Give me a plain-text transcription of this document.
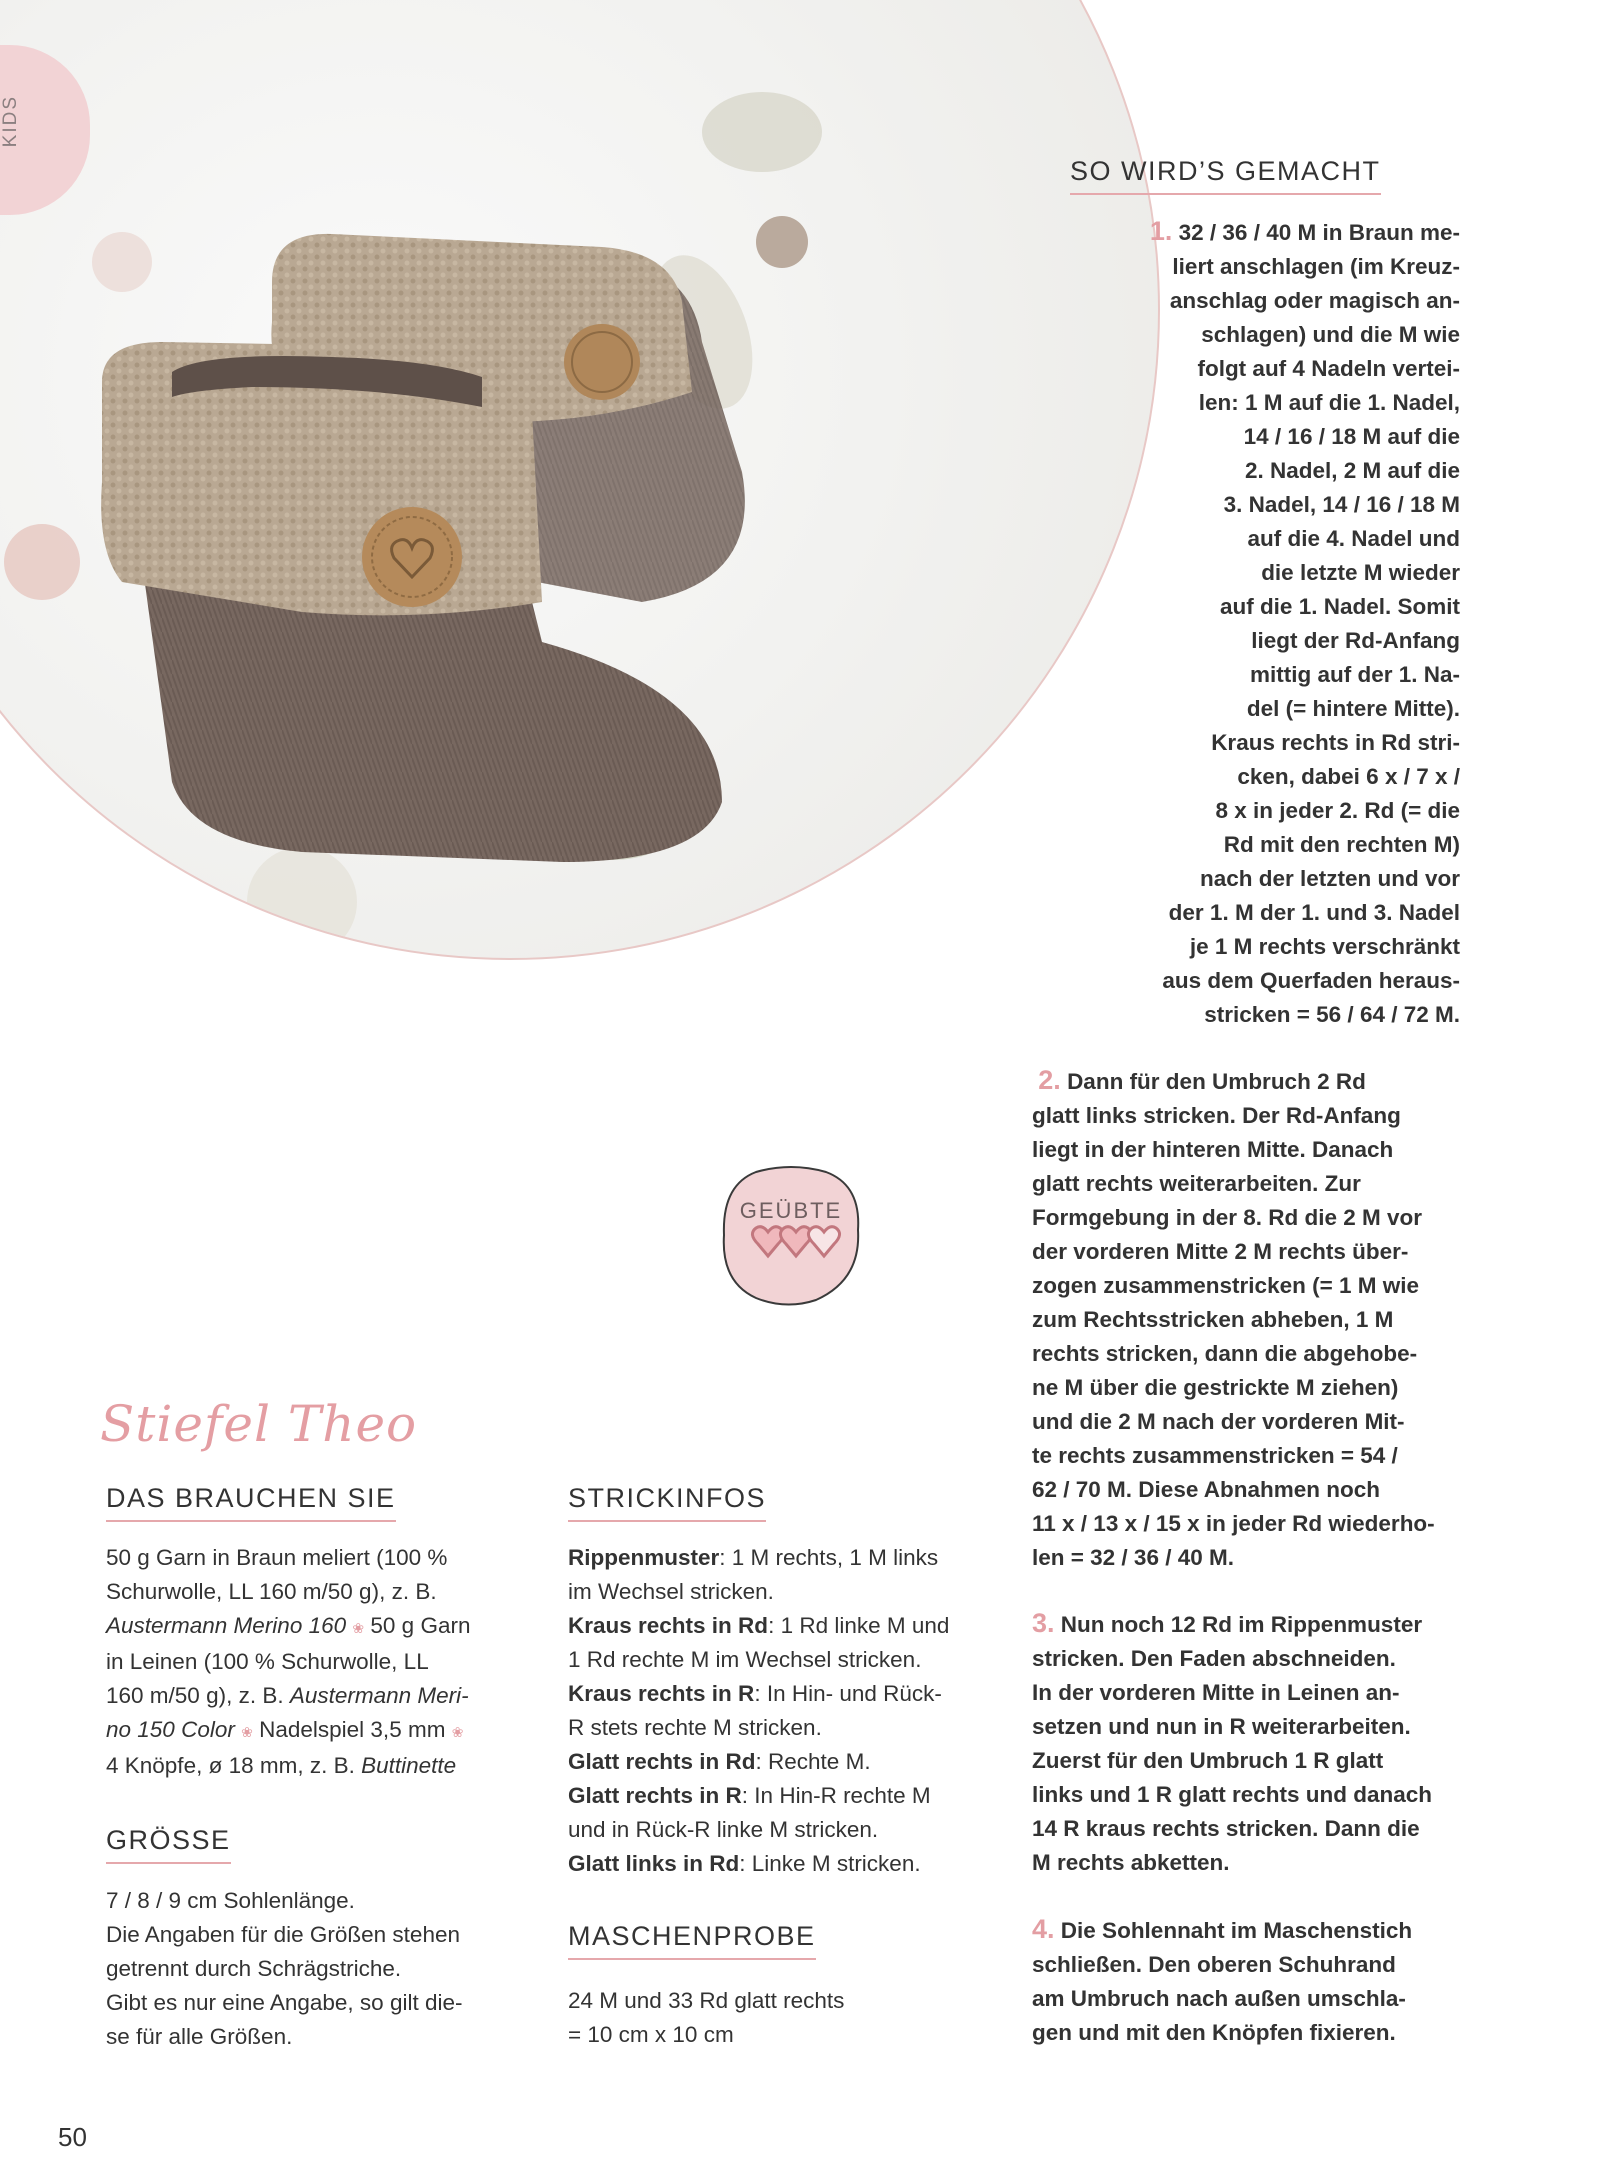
KIDS
GEÜBTE
Stiefel Theo
DAS BRAUCHEN SIE

50 g Garn in Braun meliert (100 %

Schurwolle, LL 160 m/50 g), z. B.

Austermann Merino 160 ❀ 50 g Garn

in Leinen (100 % Schurwolle, LL

160 m/50 g), z. B. Austermann Meri-

no 150 Color ❀ Nadelspiel 3,5 mm ❀

4 Knöpfe, ø 18 mm, z. B. Buttinette

GRÖSSE

7 / 8 / 9 cm Sohlenlänge.

Die Angaben für die Größen stehen

getrennt durch Schrägstriche.

Gibt es nur eine Angabe, so gilt die-

se für alle Größen.

STRICKINFOS

Rippenmuster: 1 M rechts, 1 M links

im Wechsel stricken.

Kraus rechts in Rd: 1 Rd linke M und

1 Rd rechte M im Wechsel stricken.

Kraus rechts in R: In Hin- und Rück-

R stets rechte M stricken.

Glatt rechts in Rd: Rechte M.

Glatt rechts in R: In Hin-R rechte M

und in Rück-R linke M stricken.

Glatt links in Rd: Linke M stricken.

MASCHENPROBE

24 M und 33 Rd glatt rechts

= 10 cm x 10 cm

SO WIRD’S GEMACHT

1. 32 / 36 / 40 M in Braun me-

liert anschlagen (im Kreuz-

anschlag oder magisch an-

schlagen) und die M wie

folgt auf 4 Nadeln vertei-

len: 1 M auf die 1. Nadel,

14 / 16 / 18 M auf die

2. Nadel, 2 M auf die

3. Nadel, 14 / 16 / 18 M

auf die 4. Nadel und

die letzte M wieder

auf die 1. Nadel. Somit

liegt der Rd-Anfang

mittig auf der 1. Na-

del (= hintere Mitte).

Kraus rechts in Rd stri-

cken, dabei 6 x / 7 x /

8 x in jeder 2. Rd (= die

Rd mit den rechten M)

nach der letzten und vor

der 1. M der 1. und 3. Nadel

je 1 M rechts verschränkt

aus dem Querfaden heraus-

stricken = 56 / 64 / 72 M.

2. Dann für den Umbruch 2 Rd

glatt links stricken. Der Rd-Anfang

liegt in der hinteren Mitte. Danach

glatt rechts weiterarbeiten. Zur

Formgebung in der 8. Rd die 2 M vor

der vorderen Mitte 2 M rechts über-

zogen zusammenstricken (= 1 M wie

zum Rechtsstricken abheben, 1 M

rechts stricken, dann die abgehobe-

ne M über die gestrickte M ziehen)

und die 2 M nach der vorderen Mit-

te rechts zusammenstricken = 54 /

62 / 70 M. Diese Abnahmen noch

11 x / 13 x / 15 x in jeder Rd wiederho-

len = 32 / 36 / 40 M.

3. Nun noch 12 Rd im Rippenmuster

stricken. Den Faden abschneiden.

In der vorderen Mitte in Leinen an-

setzen und nun in R weiterarbeiten.

Zuerst für den Umbruch 1 R glatt

links und 1 R glatt rechts und danach

14 R kraus rechts stricken. Dann die

M rechts abketten.

4. Die Sohlennaht im Maschenstich

schließen. Den oberen Schuhrand

am Umbruch nach außen umschla-

gen und mit den Knöpfen fixieren.

50
